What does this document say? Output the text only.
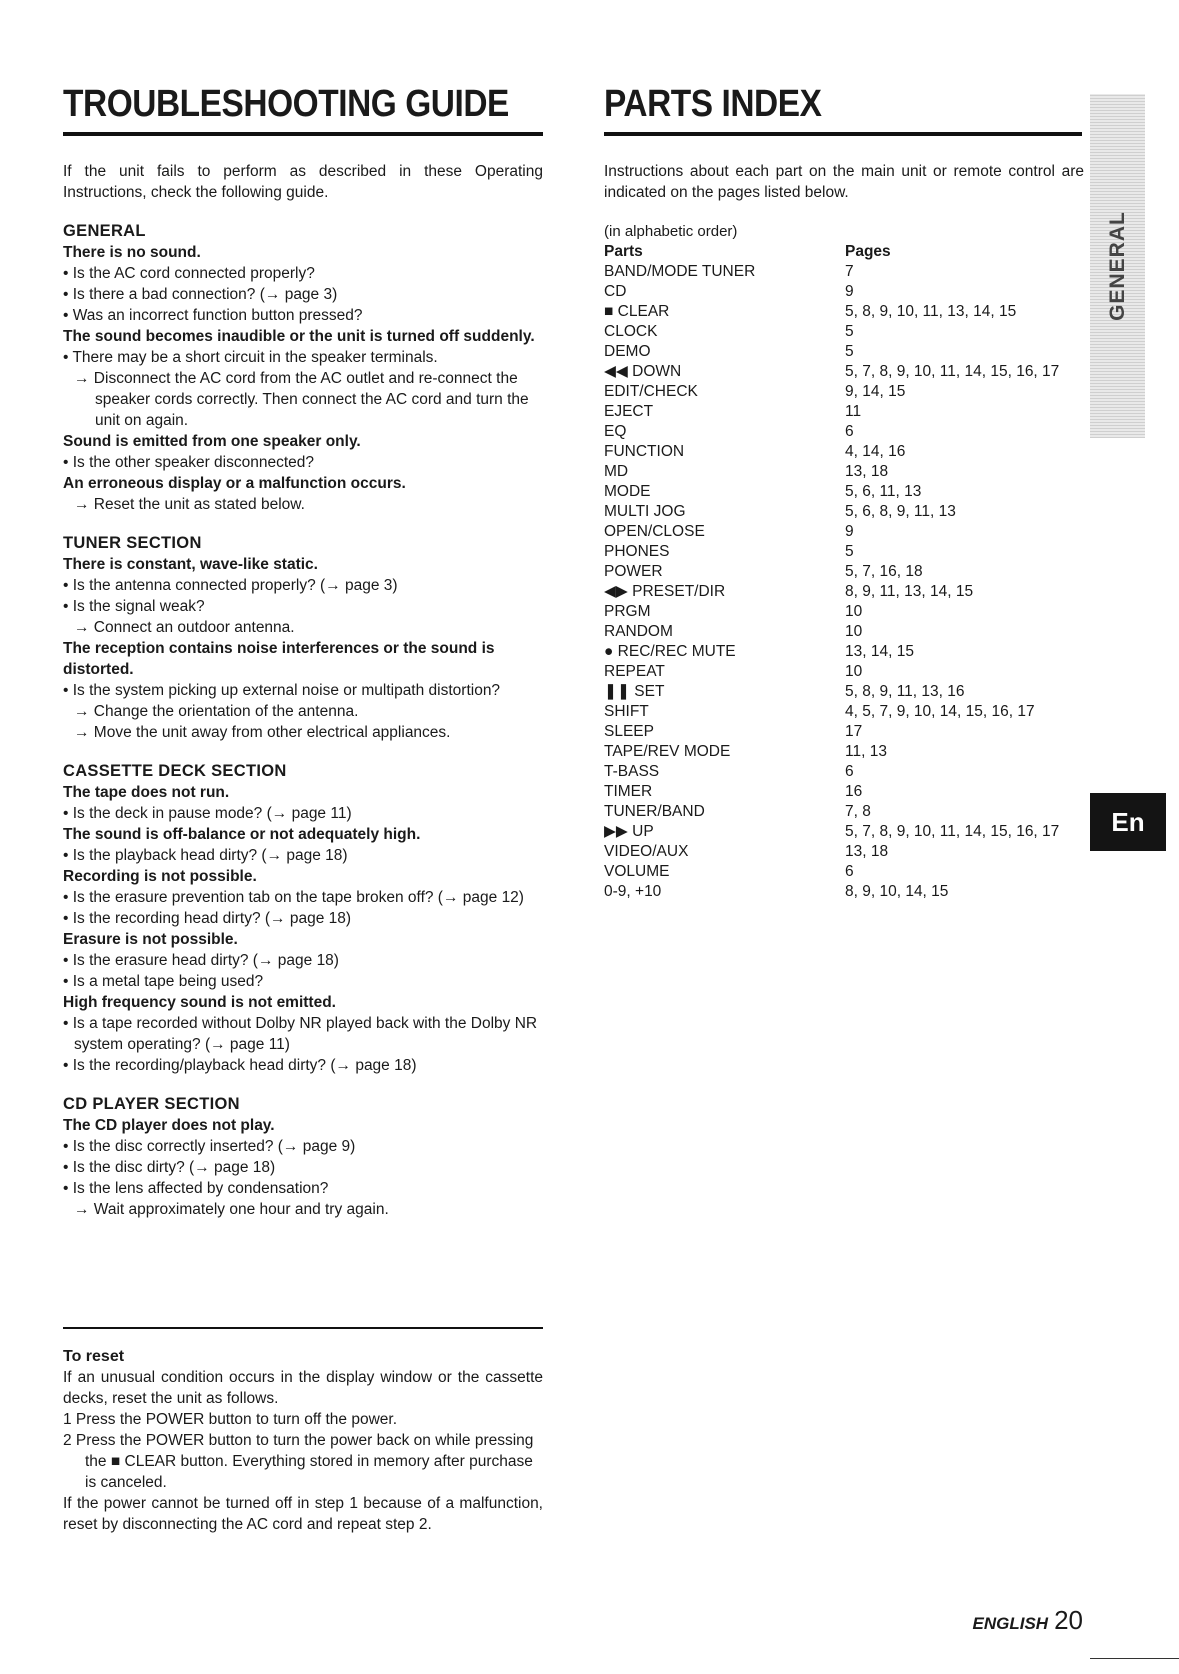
TROUBLESHOOTING GUIDE
If the unit fails to perform as described in these Operating Instructions, check the following guide.
GENERAL
There is no sound.
• Is the AC cord connected properly?
• Is there a bad connection? (→ page 3)
• Was an incorrect function button pressed?
The sound becomes inaudible or the unit is turned off suddenly.
• There may be a short circuit in the speaker terminals.
→ Disconnect the AC cord from the AC outlet and re-connect the speaker cords correctly. Then connect the AC cord and turn the unit on again.
Sound is emitted from one speaker only.
• Is the other speaker disconnected?
An erroneous display or a malfunction occurs.
→ Reset the unit as stated below.
TUNER SECTION
There is constant, wave-like static.
• Is the antenna connected properly? (→ page 3)
• Is the signal weak?
→ Connect an outdoor antenna.
The reception contains noise interferences or the sound is distorted.
• Is the system picking up external noise or multipath distortion?
→ Change the orientation of the antenna.
→ Move the unit away from other electrical appliances.
CASSETTE DECK SECTION
The tape does not run.
• Is the deck in pause mode? (→ page 11)
The sound is off-balance or not adequately high.
• Is the playback head dirty? (→ page 18)
Recording is not possible.
• Is the erasure prevention tab on the tape broken off? (→ page 12)
• Is the recording head dirty? (→ page 18)
Erasure is not possible.
• Is the erasure head dirty? (→ page 18)
• Is a metal tape being used?
High frequency sound is not emitted.
• Is a tape recorded without Dolby NR played back with the Dolby NR system operating? (→ page 11)
• Is the recording/playback head dirty? (→ page 18)
CD PLAYER SECTION
The CD player does not play.
• Is the disc correctly inserted? (→ page 9)
• Is the disc dirty? (→ page 18)
• Is the lens affected by condensation?
→ Wait approximately one hour and try again.
To reset
If an unusual condition occurs in the display window or the cassette decks, reset the unit as follows.
1 Press the POWER button to turn off the power.
2 Press the POWER button to turn the power back on while pressing the ■ CLEAR button. Everything stored in memory after purchase is canceled.
If the power cannot be turned off in step 1 because of a malfunction, reset by disconnecting the AC cord and repeat step 2.
PARTS INDEX
Instructions about each part on the main unit or remote control are indicated on the pages listed below.
(in alphabetic order)
Parts	Pages
BAND/MODE TUNER	7
CD	9
■ CLEAR	5, 8, 9, 10, 11, 13, 14, 15
CLOCK	5
DEMO	5
◀◀ DOWN	5, 7, 8, 9, 10, 11, 14, 15, 16, 17
EDIT/CHECK	9, 14, 15
EJECT	11
EQ	6
FUNCTION	4, 14, 16
MD	13, 18
MODE	5, 6, 11, 13
MULTI JOG	5, 6, 8, 9, 11, 13
OPEN/CLOSE	9
PHONES	5
POWER	5, 7, 16, 18
◀▶ PRESET/DIR	8, 9, 11, 13, 14, 15
PRGM	10
RANDOM	10
● REC/REC MUTE	13, 14, 15
REPEAT	10
❚❚ SET	5, 8, 9, 11, 13, 16
SHIFT	4, 5, 7, 9, 10, 14, 15, 16, 17
SLEEP	17
TAPE/REV MODE	11, 13
T-BASS	6
TIMER	16
TUNER/BAND	7, 8
▶▶ UP	5, 7, 8, 9, 10, 11, 14, 15, 16, 17
VIDEO/AUX	13, 18
VOLUME	6
0-9, +10	8, 9, 10, 14, 15
GENERAL
En
ENGLISH 20
